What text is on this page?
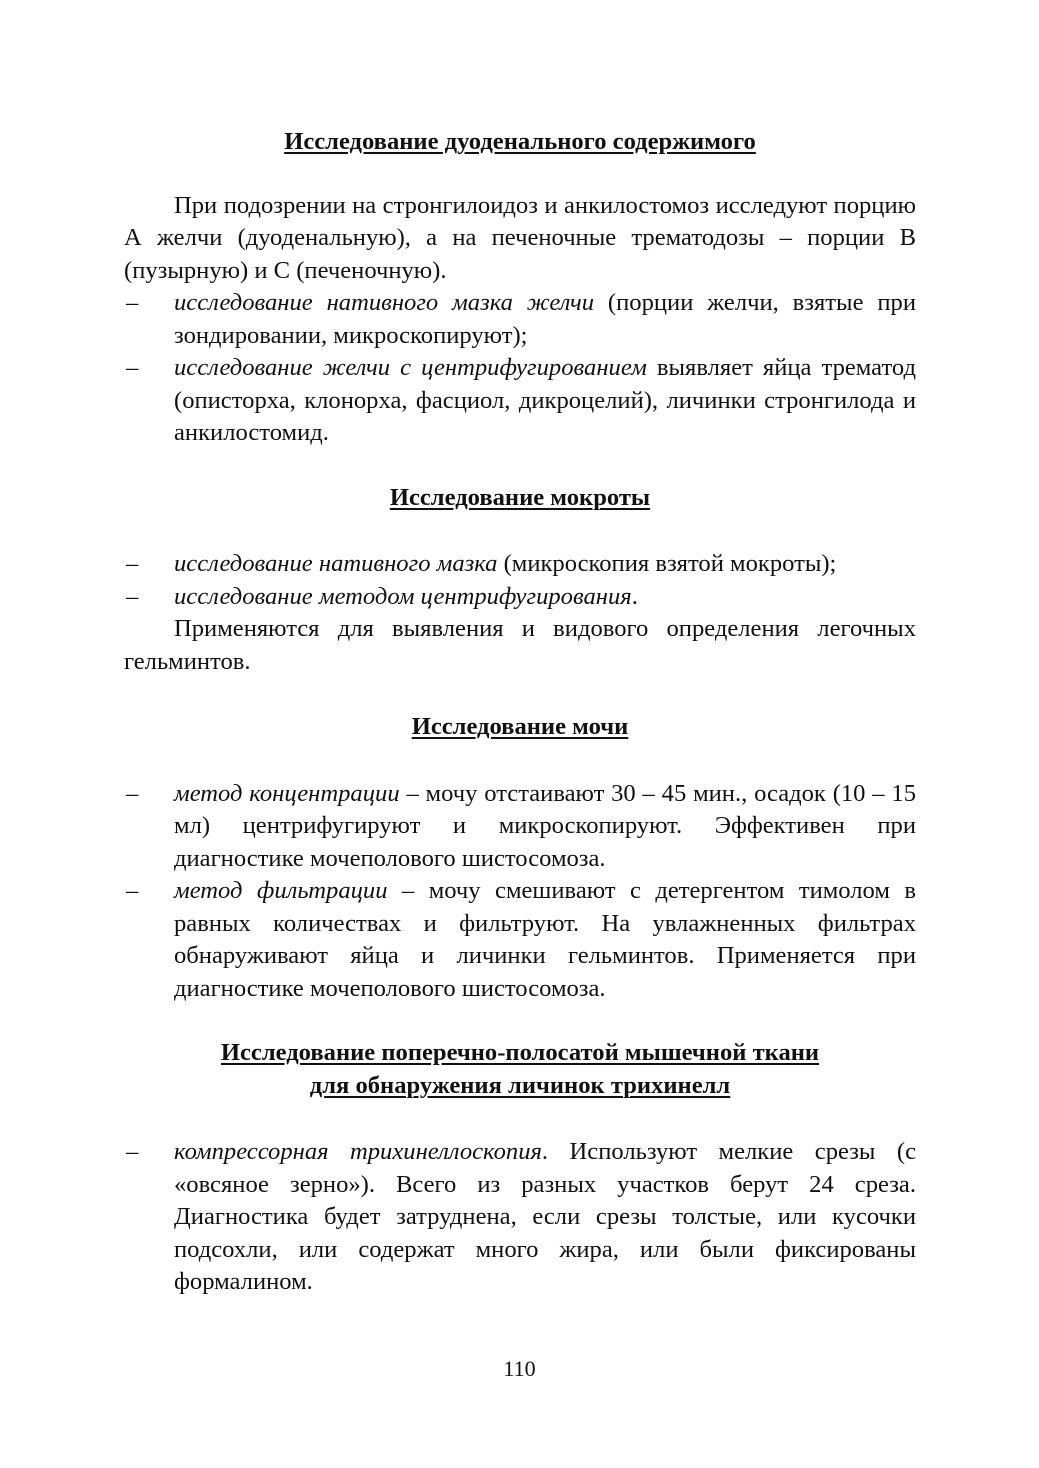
Исследование дуоденального содержимого

При подозрении на стронгилоидоз и анкилостомоз исследуют порцию А желчи (дуоденальную), а на печеночные трематодозы – порции В (пузырную) и С (печеночную).

– исследование нативного мазка желчи (порции желчи, взятые при зондировании, микроскопируют);
– исследование желчи с центрифугированием выявляет яйца трематод (описторха, клонорха, фасциол, дикроцелий), личинки стронгилода и анкилостомид.
Исследование мокроты
– исследование нативного мазка (микроскопия взятой мокроты);
– исследование методом центрифугирования.

Применяются для выявления и видового определения легочных гельминтов.

Исследование мочи
– метод концентрации – мочу отстаивают 30 – 45 мин., осадок (10 – 15 мл) центрифугируют и микроскопируют. Эффективен при диагностике мочеполового шистосомоза.
– метод фильтрации – мочу смешивают с детергентом тимолом в равных количествах и фильтруют. На увлажненных фильтрах обнаруживают яйца и личинки гельминтов. Применяется при диагностике мочеполового шистосомоза.
Исследование поперечно-полосатой мышечной ткани
для обнаружения личинок трихинелл
– компрессорная трихинеллоскопия. Используют мелкие срезы (с «овсяное зерно»). Всего из разных участков берут 24 среза. Диагностика будет затруднена, если срезы толстые, или кусочки подсохли, или содержат много жира, или были фиксированы формалином.
110
